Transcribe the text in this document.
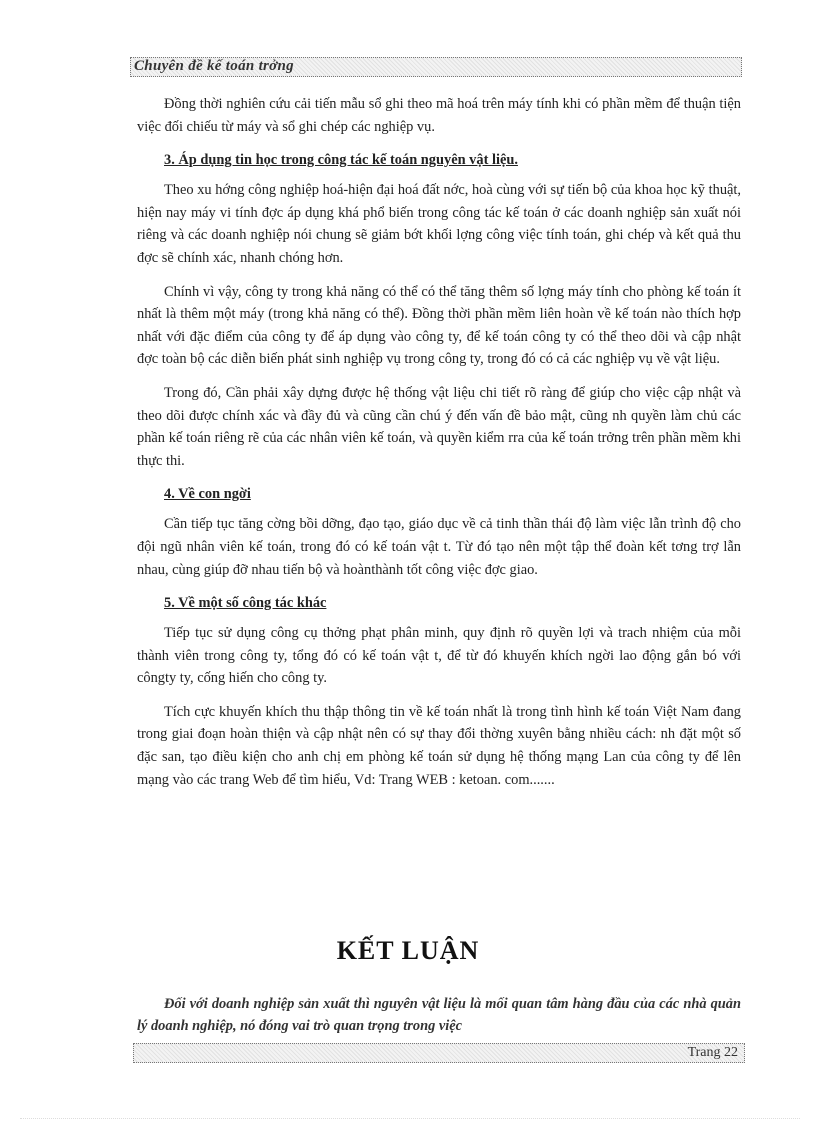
Chuyên đề kế toán trởng

Đồng thời nghiên cứu cải tiến mẫu sổ ghi theo mã hoá trên máy tính khi có phần mềm để thuận tiện việc đối chiếu từ máy và sổ ghi chép các nghiệp vụ.

3. Áp dụng tin học trong công tác kế toán nguyên vật liệu.

Theo xu hớng công nghiệp hoá-hiện đại hoá đất nớc, hoà cùng với sự tiến bộ của khoa học kỹ thuật, hiện nay máy vi tính đợc áp dụng khá phổ biến trong công tác kế toán ở các doanh nghiệp sản xuất nói riêng và các doanh nghiệp nói chung sẽ giảm bớt khối lợng công việc tính toán, ghi chép và kết quả thu đợc sẽ chính xác, nhanh chóng hơn.

Chính vì vậy, công ty trong khả năng có thể có thể tăng thêm số lợng máy tính cho phòng kế toán ít nhất là thêm một máy (trong khả năng có thể). Đồng thời phần mềm liên hoàn về kế toán nào thích hợp nhất với đặc điểm của công ty để áp dụng vào công ty, để kế toán công ty có thể theo dõi và cập nhật đợc toàn bộ các diễn biến phát sinh nghiệp vụ trong công ty, trong đó có cả các nghiệp vụ về vật liệu.

Trong đó, Cần phải xây dựng được hệ thống vật liệu chi tiết rõ ràng để giúp cho việc cập nhật và theo dõi được chính xác và đầy đủ và cũng cần chú ý đến vấn đề bảo mật, cũng nh quyền làm chủ các phần kế toán riêng rẽ của các nhân viên kế toán, và quyền kiểm rra của kế toán trởng trên phần mềm khi thực thi.

4. Về con ngời

Cần tiếp tục tăng cờng bồi dỡng, đạo tạo, giáo dục về cả tinh thần thái độ làm việc lẫn trình độ cho đội ngũ nhân viên kế toán, trong đó có kế toán vật t. Từ đó tạo nên một tập thể đoàn kết tơng trợ lẫn nhau, cùng giúp đỡ nhau tiến bộ và hoànthành tốt công việc đợc giao.

5. Về một số công tác khác

Tiếp tục sử dụng công cụ thởng phạt phân minh, quy định rõ quyền lợi và trach nhiệm của mỗi thành viên trong công ty, tổng đó có kế toán vật t, để từ đó khuyến khích ngời lao động gắn bó với côngty ty, cống hiến cho công ty.

Tích cực khuyến khích thu thập thông tin về kế toán nhất là trong tình hình kế toán Việt Nam đang trong giai đoạn hoàn thiện và cập nhật nên có sự thay đổi thờng xuyên bằng nhiều cách: nh đặt một số đặc san, tạo điều kiện cho anh chị em phòng kế toán sử dụng hệ thống mạng Lan của công ty để lên mạng vào các trang Web để tìm hiểu, Vd: Trang WEB : ketoan. com.......

KẾT LUẬN
Đối với doanh nghiệp sản xuất thì nguyên vật liệu là mối quan tâm hàng đầu của các nhà quản lý doanh nghiệp, nó đóng vai trò quan trọng trong việc
Trang 22
